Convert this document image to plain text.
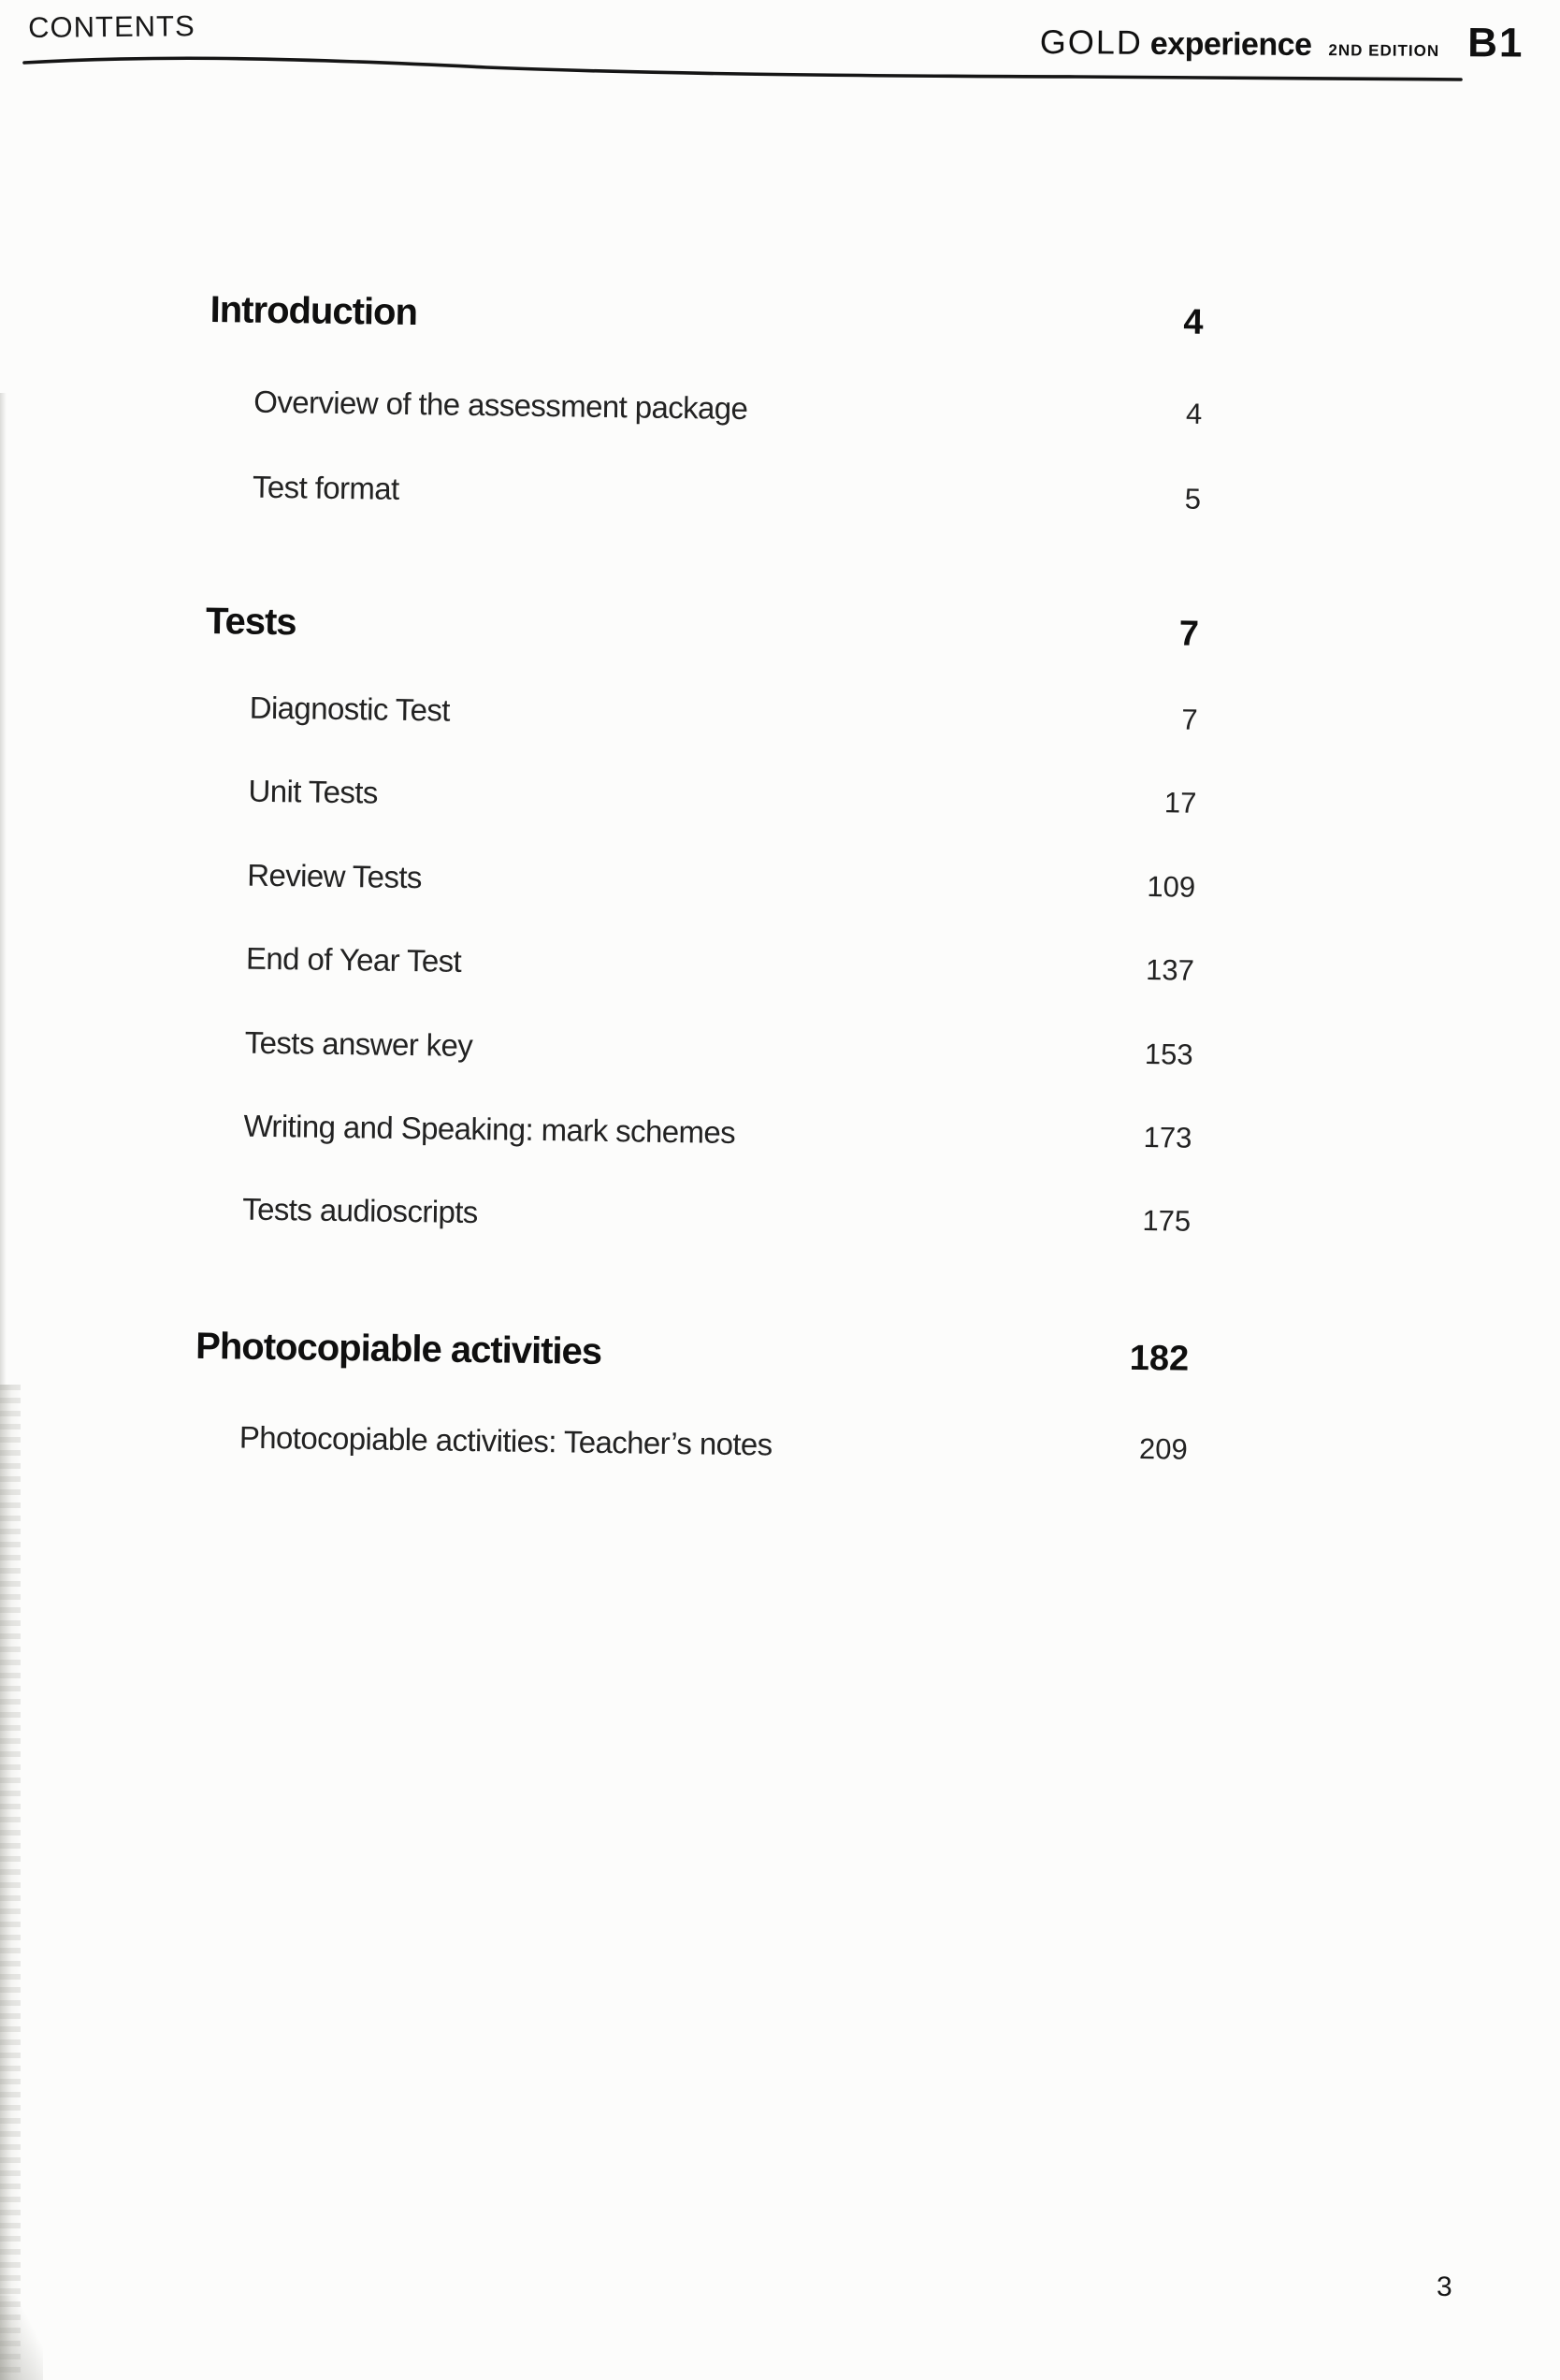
CONTENTS	GOLD experience 2ND EDITION B1
Introduction	4
Overview of the assessment package	4
Test format	5
Tests	7
Diagnostic Test	7
Unit Tests	17
Review Tests	109
End of Year Test	137
Tests answer key	153
Writing and Speaking: mark schemes	173
Tests audioscripts	175
Photocopiable activities	182
Photocopiable activities: Teacher’s notes	209
3
